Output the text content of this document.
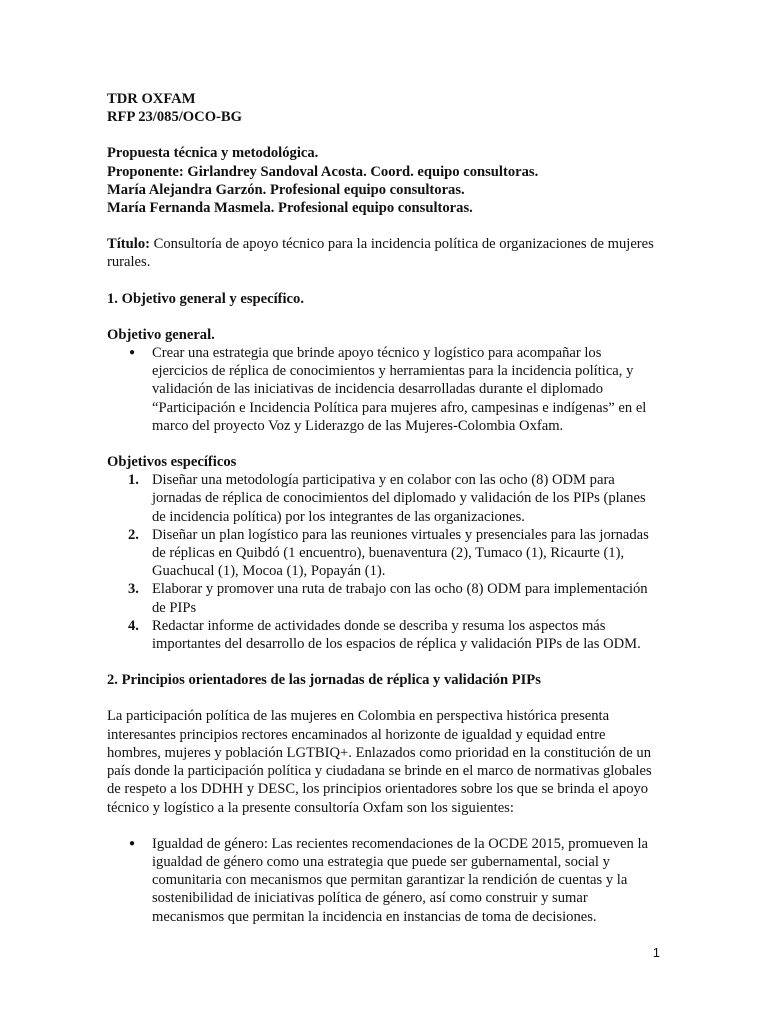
TDR OXFAM

RFP 23/085/OCO-BG

Propuesta técnica y metodológica.

Proponente: Girlandrey Sandoval Acosta. Coord. equipo consultoras.

María Alejandra Garzón. Profesional equipo consultoras.

María Fernanda Masmela. Profesional equipo consultoras.

Título: Consultoría de apoyo técnico para la incidencia política de organizaciones de mujeres rurales.

1. Objetivo general y específico.

Objetivo general.

● Crear una estrategia que brinde apoyo técnico y logístico para acompañar los ejercicios de réplica de conocimientos y herramientas para la incidencia política, y validación de las iniciativas de incidencia desarrolladas durante el diplomado “Participación e Incidencia Política para mujeres afro, campesinas e indígenas” en el marco del proyecto Voz y Liderazgo de las Mujeres-Colombia Oxfam.

Objetivos específicos

1. Diseñar una metodología participativa y en colabor con las ocho (8) ODM para jornadas de réplica de conocimientos del diplomado y validación de los PIPs (planes de incidencia política) por los integrantes de las organizaciones.
2. Diseñar un plan logístico para las reuniones virtuales y presenciales para las jornadas de réplicas en Quibdó (1 encuentro), buenaventura (2), Tumaco (1), Ricaurte (1), Guachucal (1), Mocoa (1), Popayán (1).
3. Elaborar y promover una ruta de trabajo con las ocho (8) ODM para implementación de PIPs
4. Redactar informe de actividades donde se describa y resuma los aspectos más importantes del desarrollo de los espacios de réplica y validación PIPs de las ODM.

2. Principios orientadores de las jornadas de réplica y validación PIPs

La participación política de las mujeres en Colombia en perspectiva histórica presenta interesantes principios rectores encaminados al horizonte de igualdad y equidad entre hombres, mujeres y población LGTBIQ+. Enlazados como prioridad en la constitución de un país donde la participación política y ciudadana se brinde en el marco de normativas globales de respeto a los DDHH y DESC, los principios orientadores sobre los que se brinda el apoyo técnico y logístico a la presente consultoría Oxfam son los siguientes:

● Igualdad de género: Las recientes recomendaciones de la OCDE 2015, promueven la igualdad de género como una estrategia que puede ser gubernamental, social y comunitaria con mecanismos que permitan garantizar la rendición de cuentas y la sostenibilidad de iniciativas política de género, así como construir y sumar mecanismos que permitan la incidencia en instancias de toma de decisiones.
1
